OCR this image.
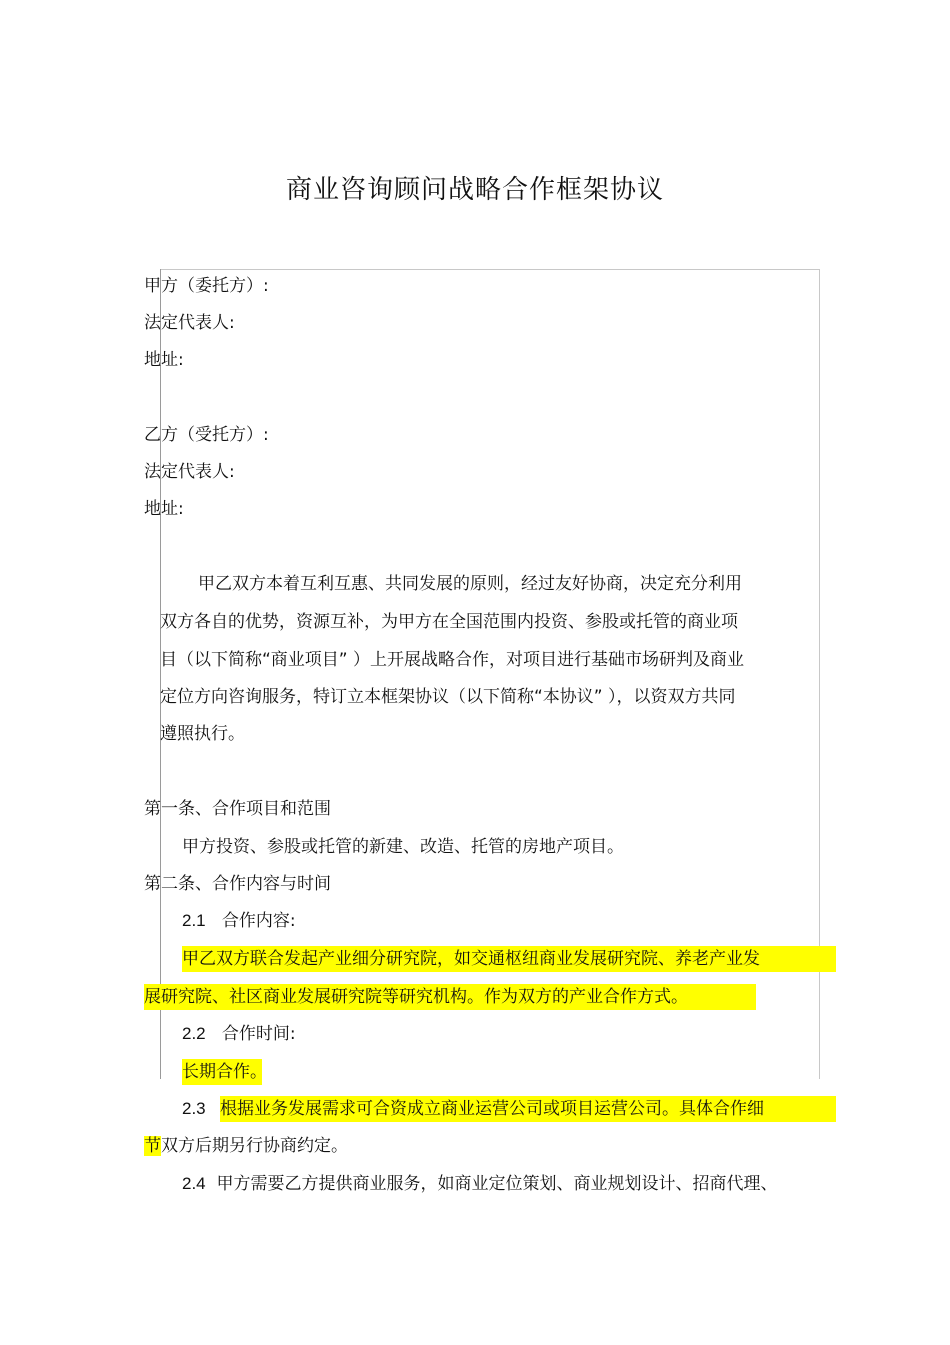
商业咨询顾问战略合作框架协议
甲方（委托方）:
法定代表人:
地址:
乙方（受托方）:
法定代表人:
地址:
甲乙双方本着互利互惠、共同发展的原则，经过友好协商，决定充分利用
双方各自的优势，资源互补，为甲方在全国范围内投资、参股或托管的商业项
目（以下简称“商业项目” ）上开展战略合作，对项目进行基础市场研判及商业
定位方向咨询服务，特订立本框架协议（以下简称“本协议” ），以资双方共同
遵照执行。
第一条、合作项目和范围
甲方投资、参股或托管的新建、改造、托管的房地产项目。
第二条、合作内容与时间
2.1 合作内容:
甲乙双方联合发起产业细分研究院，如交通枢纽商业发展研究院、养老产业发
展研究院、社区商业发展研究院等研究机构。作为双方的产业合作方式。
2.2 合作时间:
长期合作。
2.3 根据业务发展需求可合资成立商业运营公司或项目运营公司。具体合作细
节双方后期另行协商约定。
2.4 甲方需要乙方提供商业服务，如商业定位策划、商业规划设计、招商代理、
